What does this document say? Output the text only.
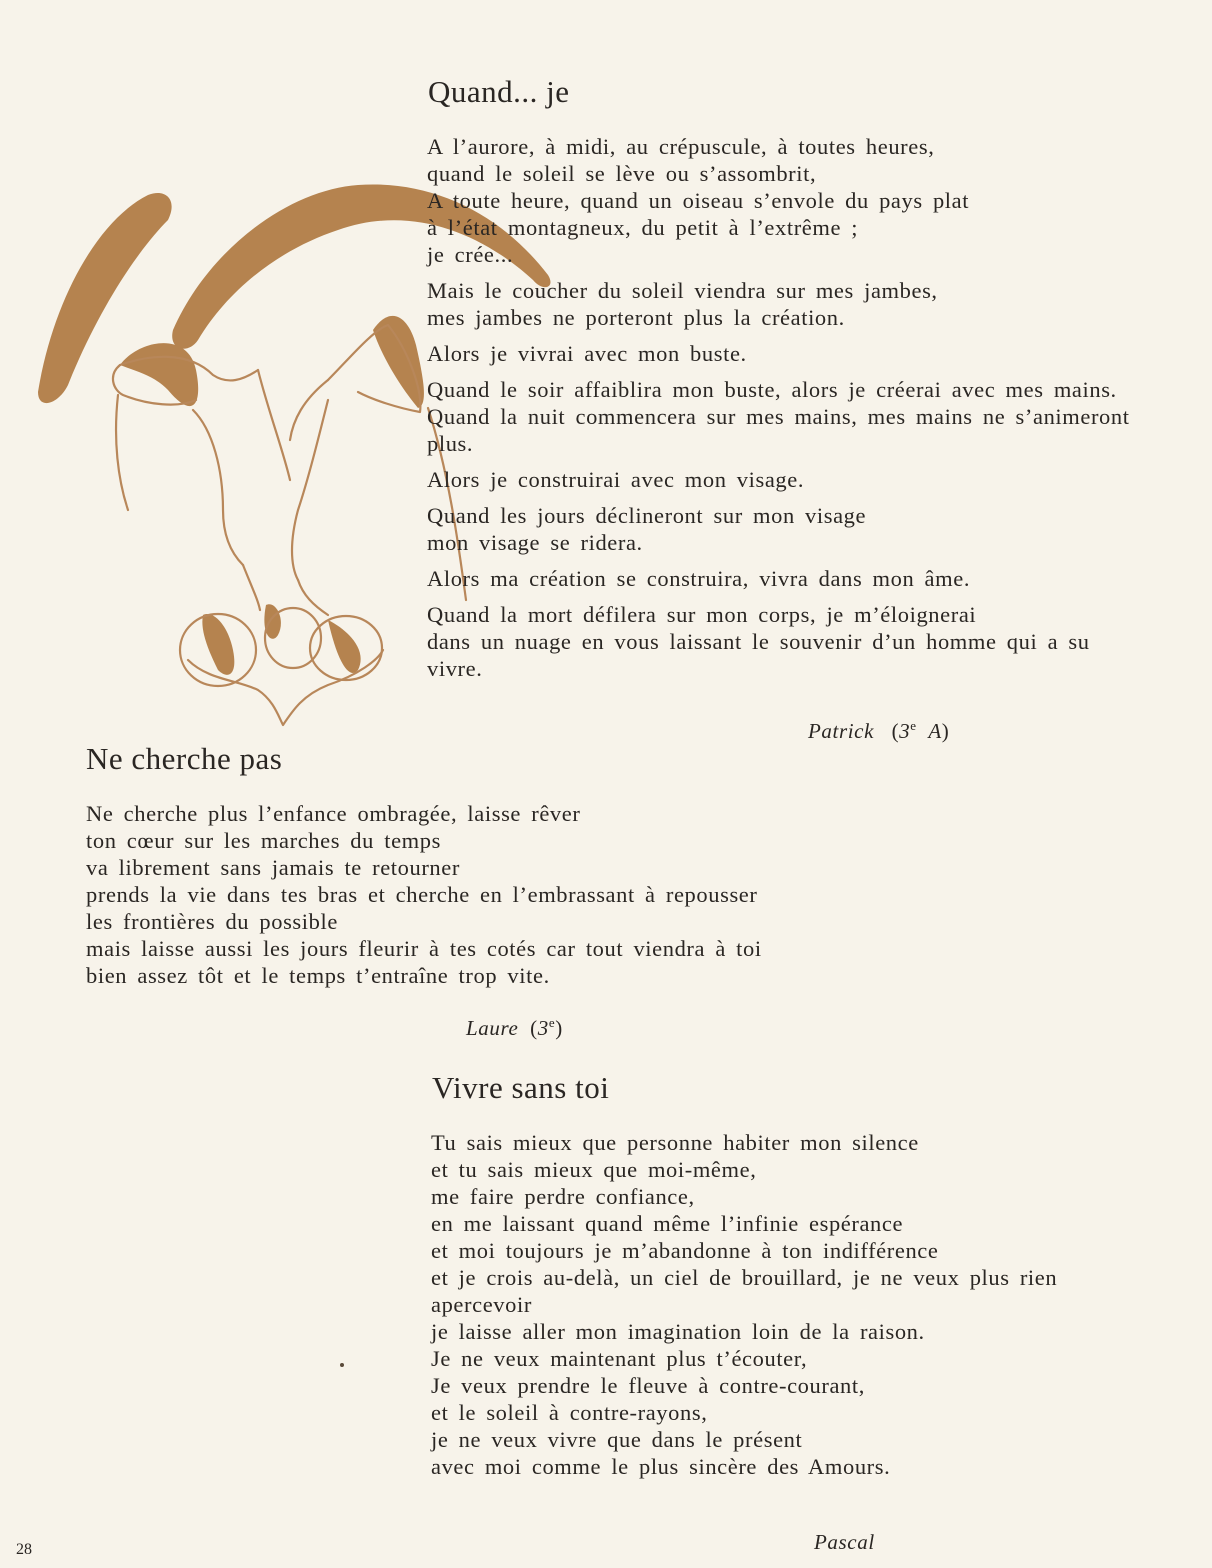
Quand... je
A l’aurore, à midi, au crépuscule, à toutes heures,
quand le soleil se lève ou s’assombrit,
A toute heure, quand un oiseau s’envole du pays plat
à l’état montagneux, du petit à l’extrême ;
je crée...
Mais le coucher du soleil viendra sur mes jambes,
mes jambes ne porteront plus la création.
Alors je vivrai avec mon buste.
Quand le soir affaiblira mon buste, alors je créerai avec mes mains.
Quand la nuit commencera sur mes mains, mes mains ne s’animeront
plus.
Alors je construirai avec mon visage.
Quand les jours déclineront sur mon visage
mon visage se ridera.
Alors ma création se construira, vivra dans mon âme.
Quand la mort défilera sur mon corps, je m’éloignerai
dans un nuage en vous laissant le souvenir d’un homme qui a su
vivre.
Patrick   (3e A)
Ne cherche pas
Ne cherche plus l’enfance ombragée, laisse rêver
ton cœur sur les marches du temps
va librement sans jamais te retourner
prends la vie dans tes bras et cherche en l’embrassant à repousser
les frontières du possible
mais laisse aussi les jours fleurir à tes cotés car tout viendra à toi
bien assez tôt et le temps t’entraîne trop vite.
Laure  (3e)
Vivre sans toi
Tu sais mieux que personne habiter mon silence
et tu sais mieux que moi-même,
me faire perdre confiance,
en me laissant quand même l’infinie espérance
et moi toujours je m’abandonne à ton indifférence
et je crois au-delà, un ciel de brouillard, je ne veux plus rien
apercevoir
je laisse aller mon imagination loin de la raison.
Je ne veux maintenant plus t’écouter,
Je veux prendre le fleuve à contre-courant,
et le soleil à contre-rayons,
je ne veux vivre que dans le présent
avec moi comme le plus sincère des Amours.
Pascal
28
